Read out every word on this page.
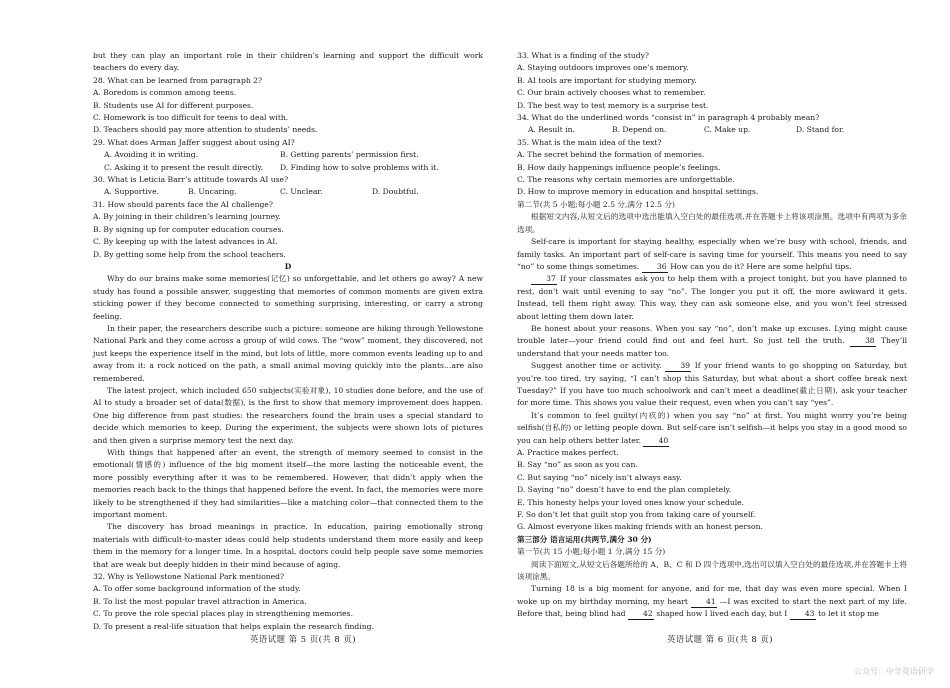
but they can play an important role in their children’s learning and support the difficult work teachers do every day.

28. What can be learned from paragraph 2?

A. Boredom is common among teens.

B. Students use AI for different purposes.

C. Homework is too difficult for teens to deal with.

D. Teachers should pay more attention to students’ needs.

29. What does Arman Jaffer suggest about using AI?

A. Avoiding it in writing.	B. Getting parents’ permission first.
C. Asking it to present the result directly.	D. Finding how to solve problems with it.

30. What is Leticia Barr’s attitude towards AI use?

A. Supportive.	B. Uncaring.	C. Unclear.	D. Doubtful.

31. How should parents face the AI challenge?

A. By joining in their children’s learning journey.

B. By signing up for computer education courses.

C. By keeping up with the latest advances in AI.

D. By getting some help from the school teachers.

D

Why do our brains make some memories(记忆) so unforgettable, and let others go away? A new study has found a possible answer, suggesting that memories of common moments are given extra sticking power if they become connected to something surprising, interesting, or carry a strong feeling.

In their paper, the researchers describe such a picture: someone are hiking through Yellowstone National Park and they come across a group of wild cows. The “wow” moment, they discovered, not just keeps the experience itself in the mind, but lots of little, more common events leading up to and away from it: a rock noticed on the path, a small animal moving quickly into the plants…are also remembered.

The latest project, which included 650 subjects(实验对象), 10 studies done before, and the use of AI to study a broader set of data(数据), is the first to show that memory improvement does happen. One big difference from past studies: the researchers found the brain uses a special standard to decide which memories to keep. During the experiment, the subjects were shown lots of pictures and then given a surprise memory test the next day.

With things that happened after an event, the strength of memory seemed to consist in the emotional(情感的) influence of the big moment itself—the more lasting the noticeable event, the more possibly everything after it was to be remembered. However, that didn’t apply when the memories reach back to the things that happened before the event. In fact, the memories were more likely to be strengthened if they had similarities—like a matching color—that connected them to the important moment.

The discovery has broad meanings in practice. In education, pairing emotionally strong materials with difficult-to-master ideas could help students understand them more easily and keep them in the memory for a longer time. In a hospital, doctors could help people save some memories that are weak but deeply hidden in their mind because of aging.

32. Why is Yellowstone National Park mentioned?

A. To offer some background information of the study.

B. To list the most popular travel attraction in America.

C. To prove the role special places play in strengthening memories.

D. To present a real-life situation that helps explain the research finding.

33. What is a finding of the study?

A. Staying outdoors improves one’s memory.

B. AI tools are important for studying memory.

C. Our brain actively chooses what to remember.

D. The best way to test memory is a surprise test.

34. What do the underlined words “consist in” in paragraph 4 probably mean?

A. Result in.	B. Depend on.	C. Make up.	D. Stand for.

35. What is the main idea of the text?

A. The secret behind the formation of memories.

B. How daily happenings influence people’s feelings.

C. The reasons why certain memories are unforgettable.

D. How to improve memory in education and hospital settings.

第二节(共 5 小题;每小题 2.5 分,满分 12.5 分)

根据短文内容,从短文后的选项中选出能填入空白处的最佳选项,并在答题卡上将该项涂黑。选项中有两项为多余选项。

Self-care is important for staying healthy, especially when we’re busy with school, friends, and family tasks. An important part of self-care is saving time for yourself. This means you need to say “no” to some things sometimes. 36 How can you do it? Here are some helpful tips.

37 If your classmates ask you to help them with a project tonight, but you have planned to rest, don’t wait until evening to say “no”. The longer you put it off, the more awkward it gets. Instead, tell them right away. This way, they can ask someone else, and you won’t feel stressed about letting them down later.

Be honest about your reasons. When you say “no”, don’t make up excuses. Lying might cause trouble later—your friend could find out and feel hurt. So just tell the truth.	38 They’ll understand that your needs matter too.

Suggest another time or activity. 39 If your friend wants to go shopping on Saturday, but you’re too tired, try saying, “I can’t shop this Saturday, but what about a short coffee break next Tuesday?” If you have too much schoolwork and can’t meet a deadline(截止日期), ask your teacher for more time. This shows you value their request, even when you can’t say “yes”.

It’s common to feel guilty(内疚的) when you say “no” at first. You might worry you’re being selfish(自私的) or letting people down. But self-care isn’t selfish—it helps you stay in a good mood so you can help others better later. 40

A. Practice makes perfect.

B. Say “no” as soon as you can.

C. But saying “no” nicely isn’t always easy.

D. Saying “no” doesn’t have to end the plan completely.

E. This honesty helps your loved ones know your schedule.

F. So don’t let that guilt stop you from taking care of yourself.

G. Almost everyone likes making friends with an honest person.

第三部分 语言运用(共两节,满分 30 分)

第一节(共 15 小题;每小题 1 分,满分 15 分)

阅读下面短文,从短文后各题所给的 A、B、C 和 D 四个选项中,选出可以填入空白处的最佳选项,并在答题卡上将该项涂黑。

Turning 18 is a big moment for anyone, and for me, that day was even more special. When I woke up on my birthday morning, my heart 41 —I was excited to start the next part of my life. Before that, being blind had 42 shaped how I lived each day, but I 43 to let it stop me

英语试题 第 5 页(共 8 页)	英语试题 第 6 页(共 8 页)
公众号：中学英语研学
